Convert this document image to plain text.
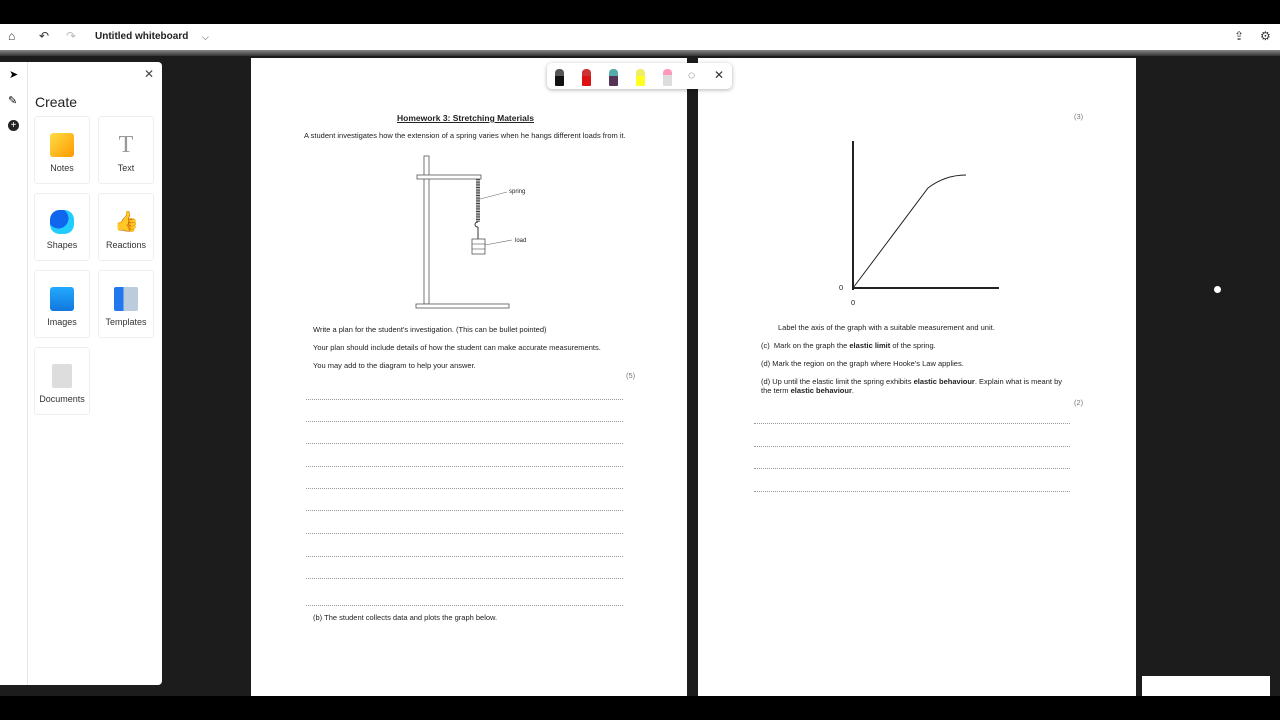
⌂ ↶ ↷ Untitled whiteboard ⌵	⇪ ⚙
Homework 3: Stretching Materials
A student investigates how the extension of a spring varies when he hangs different loads from it.
spring
load
Write a plan for the student's investigation. (This can be bullet pointed)
Your plan should include details of how the student can make accurate measurements.
You may add to the diagram to help your answer.
(5)
(b) The student collects data and plots the graph below.
(3)
0
0
Label the axis of the graph with a suitable measurement and unit.
(c) Mark on the graph the elastic limit of the spring.
(d) Mark the region on the graph where Hooke's Law applies.
(d) Up until the elastic limit the spring exhibits elastic behaviour. Explain what is meant by the term elastic behaviour.
(2)
◌ ✕
➤
✎
+
✕
Create
Notes
T
Text
Shapes
👍
Reactions
Images	Templates
Documents
